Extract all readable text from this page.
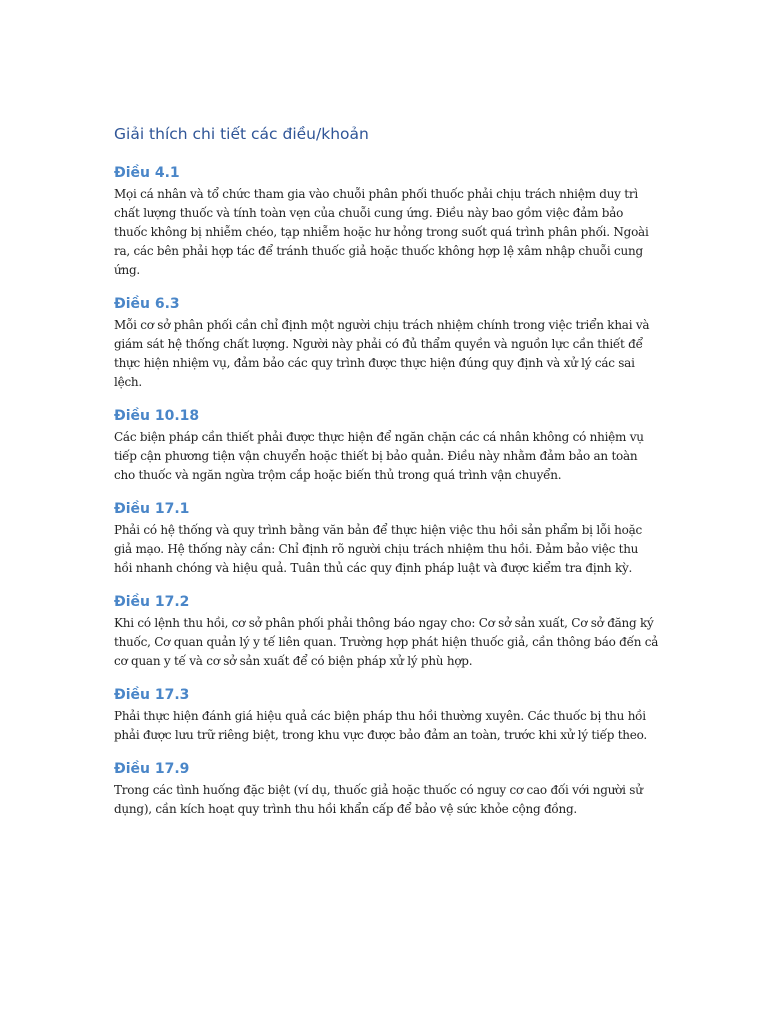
Giải thích chi tiết các điều/khoản
Điều 4.1

Mọi cá nhân và tổ chức tham gia vào chuỗi phân phối thuốc phải chịu trách nhiệm duy trì chất lượng thuốc và tính toàn vẹn của chuỗi cung ứng. Điều này bao gồm việc đảm bảo thuốc không bị nhiễm chéo, tạp nhiễm hoặc hư hỏng trong suốt quá trình phân phối. Ngoài ra, các bên phải hợp tác để tránh thuốc giả hoặc thuốc không hợp lệ xâm nhập chuỗi cung ứng.

Điều 6.3

Mỗi cơ sở phân phối cần chỉ định một người chịu trách nhiệm chính trong việc triển khai và giám sát hệ thống chất lượng. Người này phải có đủ thẩm quyền và nguồn lực cần thiết để thực hiện nhiệm vụ, đảm bảo các quy trình được thực hiện đúng quy định và xử lý các sai lệch.

Điều 10.18

Các biện pháp cần thiết phải được thực hiện để ngăn chặn các cá nhân không có nhiệm vụ tiếp cận phương tiện vận chuyển hoặc thiết bị bảo quản. Điều này nhằm đảm bảo an toàn cho thuốc và ngăn ngừa trộm cắp hoặc biến thủ trong quá trình vận chuyển.

Điều 17.1

Phải có hệ thống và quy trình bằng văn bản để thực hiện việc thu hồi sản phẩm bị lỗi hoặc giả mạo. Hệ thống này cần: Chỉ định rõ người chịu trách nhiệm thu hồi. Đảm bảo việc thu hồi nhanh chóng và hiệu quả. Tuân thủ các quy định pháp luật và được kiểm tra định kỳ.

Điều 17.2

Khi có lệnh thu hồi, cơ sở phân phối phải thông báo ngay cho: Cơ sở sản xuất, Cơ sở đăng ký thuốc, Cơ quan quản lý y tế liên quan. Trường hợp phát hiện thuốc giả, cần thông báo đến cả cơ quan y tế và cơ sở sản xuất để có biện pháp xử lý phù hợp.

Điều 17.3

Phải thực hiện đánh giá hiệu quả các biện pháp thu hồi thường xuyên. Các thuốc bị thu hồi phải được lưu trữ riêng biệt, trong khu vực được bảo đảm an toàn, trước khi xử lý tiếp theo.

Điều 17.9

Trong các tình huống đặc biệt (ví dụ, thuốc giả hoặc thuốc có nguy cơ cao đối với người sử dụng), cần kích hoạt quy trình thu hồi khẩn cấp để bảo vệ sức khỏe cộng đồng.
